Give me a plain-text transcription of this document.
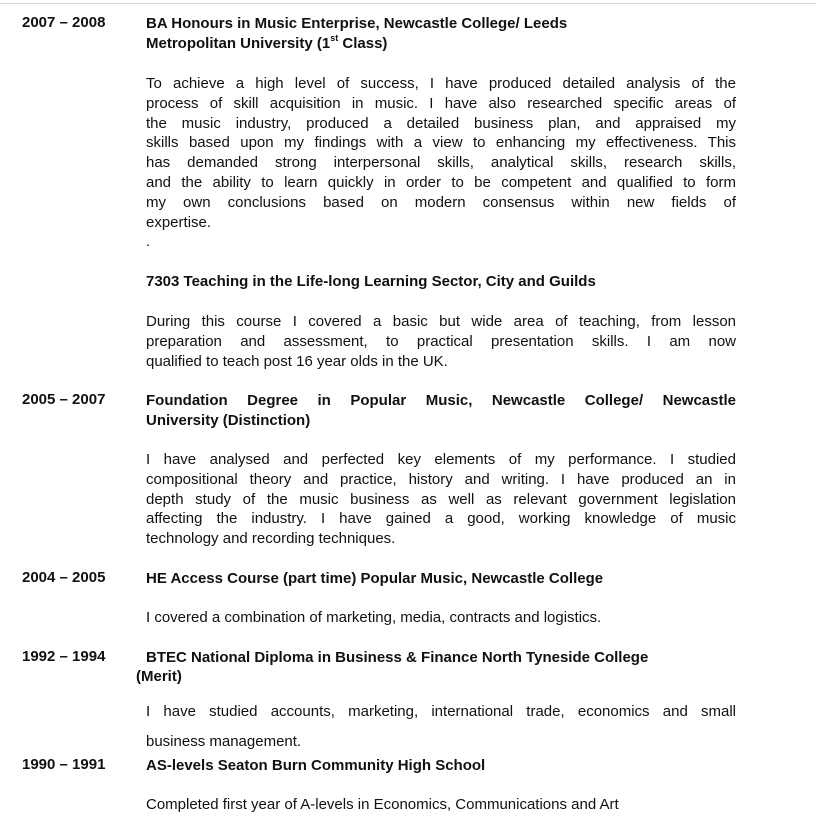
2007 – 2008	BA Honours in Music Enterprise, Newcastle College/ Leeds
Metropolitan University (1st Class)
To achieve a high level of success, I have produced detailed analysis of the
process of skill acquisition in music. I have also researched specific areas of
the music industry, produced a detailed business plan, and appraised my
skills based upon my findings with a view to enhancing my effectiveness. This
has demanded strong interpersonal skills, analytical skills, research skills,
and the ability to learn quickly in order to be competent and qualified to form
my own conclusions based on modern consensus within new fields of
expertise.
.
7303 Teaching in the Life-long Learning Sector, City and Guilds
During this course I covered a basic but wide area of teaching, from lesson
preparation and assessment, to practical presentation skills. I am now
qualified to teach post 16 year olds in the UK.
2005 – 2007	Foundation Degree in Popular Music, Newcastle College/ Newcastle
University (Distinction)
I have analysed and perfected key elements of my performance. I studied
compositional theory and practice, history and writing. I have produced an in
depth study of the music business as well as relevant government legislation
affecting the industry. I have gained a good, working knowledge of music
technology and recording techniques.
2004 – 2005	HE Access Course (part time) Popular Music, Newcastle College
I covered a combination of marketing, media, contracts and logistics.
1992 – 1994	BTEC National Diploma in Business & Finance North Tyneside College
(Merit)
I have studied accounts, marketing, international trade, economics and small
business management.
1990 – 1991	AS-levels Seaton Burn Community High School
Completed first year of A-levels in Economics, Communications and Art
